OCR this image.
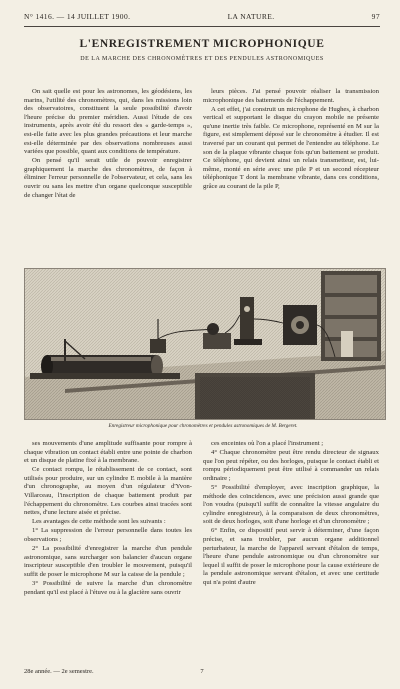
N° 1416. — 14 JUILLET 1900.	LA NATURE.	97
L'ENREGISTREMENT MICROPHONIQUE
DE LA MARCHE DES CHRONOMÈTRES ET DES PENDULES ASTRONOMIQUES

On sait quelle est pour les astronomes, les géodésiens, les marins, l'utilité des chronomètres, qui, dans les missions loin des observatoires, constituent la seule possibilité d'avoir l'heure précise du premier méridien. Aussi l'étude de ces instruments, après avoir été du ressort des « garde-temps », est-elle faite avec les plus grandes précautions et leur marche est-elle déterminée par des observations nombreuses aussi variées que possible, quant aux conditions de température.

On pensé qu'il serait utile de pouvoir enregistrer graphiquement la marche des chronomètres, de façon à éliminer l'erreur personnelle de l'observateur, et cela, sans les ouvrir ou sans les mettre d'un organe quelconque susceptible de changer l'état de

leurs pièces. J'ai pensé pouvoir réaliser la transmission microphonique des battements de l'échappement.

A cet effet, j'ai construit un microphone de Hughes, à charbon vertical et supportant le disque du crayon mobile ne présente qu'une inertie très faible. Ce microphone, représenté en M sur la figure, est simplement déposé sur le chronomètre à étudier. Il est traversé par un courant qui permet de l'entendre au téléphone. Le son de la plaque vibrante chaque fois qu'un battement se produit. Ce téléphone, qui devient ainsi un relais transmetteur, est, lui-même, monté en série avec une pile P et un second récepteur téléphonique T dont la membrane vibrante, dans ces conditions, grâce au courant de la pile P,

Enregistreur microphonique pour chronomètres et pendules astronomiques de M. Bergeret.

ses mouvements d'une amplitude suffisante pour rompre à chaque vibration un contact établi entre une pointe de charbon et un disque de platine fixé à la membrane.

Ce contact rompu, le rétablissement de ce contact, sont utilisés pour produire, sur un cylindre E mobile à la manière d'un chronographe, au moyen d'un régulateur d'Yvon-Villarceau, l'inscription de chaque battement produit par l'échappement du chronomètre. Les courbes ainsi tracées sont nettes, d'une lecture aisée et précise.

Les avantages de cette méthode sont les suivants :

1° La suppression de l'erreur personnelle dans toutes les observations ;

2° La possibilité d'enregistrer la marche d'un pendule astronomique, sans surcharger son balancier d'aucun organe inscripteur susceptible d'en troubler le mouvement, puisqu'il suffit de poser le microphone M sur la caisse de la pendule ;

3° Possibilité de suivre la marche d'un chronomètre pendant qu'il est placé à l'étuve ou à la glacière sans ouvrir

ces enceintes où l'on a placé l'instrument ;

4° Chaque chronomètre peut être rendu directeur de signaux que l'on peut répéter, ou des horloges, puisque le contact établi et rompu périodiquement peut être utilisé à commander un relais ordinaire ;

5° Possibilité d'employer, avec inscription graphique, la méthode des coïncidences, avec une précision aussi grande que l'on voudra (puisqu'il suffit de connaître la vitesse angulaire du cylindre enregistreur), à la comparaison de deux chronomètres, soit de deux horloges, soit d'une horloge et d'un chronomètre ;

6° Enfin, ce dispositif peut servir à déterminer, d'une façon précise, et sans troubler, par aucun organe additionnel perturbateur, la marche de l'appareil servant d'étalon de temps, l'heure d'une pendule astronomique ou d'un chronomètre sur lequel il suffit de poser le microphone pour la cause extérieure de la pendule astronomique servant d'étalon, et avec une certitude qui n'a point d'autre

28e année. — 2e semestre.	7
